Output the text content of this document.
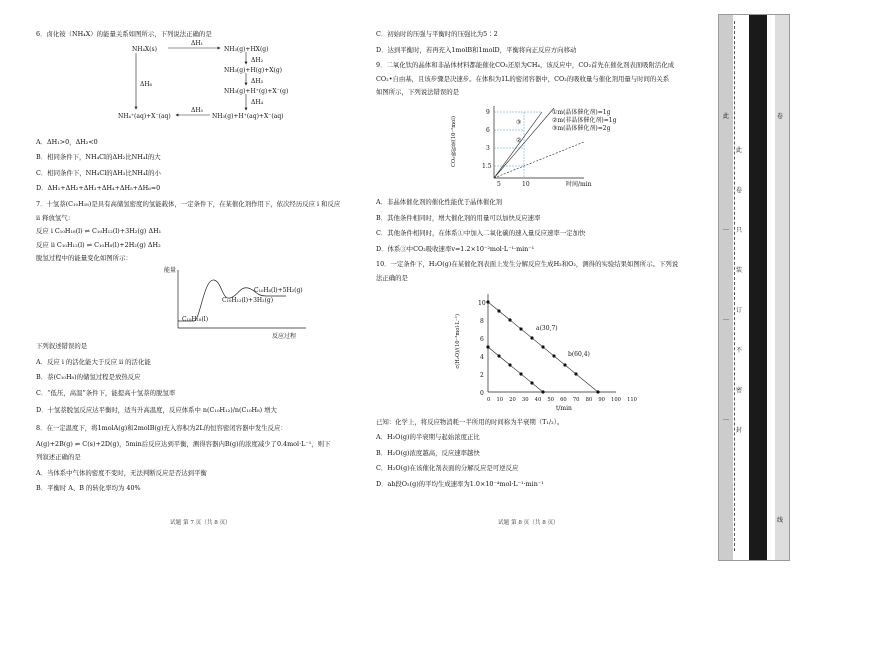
6．卤化铵（NH₄X）的能量关系如图所示，下列说法正确的是
NH₄X(s)
ΔH₁
NH₃(g)+HX(g)
ΔH₂
NH₃(g)+H(g)+X(g)
ΔH₃
NH₃(g)+H⁺(g)+X⁻(g)
ΔH₄
ΔH₆
ΔH₅
NH₄⁺(aq)+X⁻(aq)	NH₃(g)+H⁺(aq)+X⁻(aq)
A．ΔH₁>0，ΔH₂<0
B．相同条件下，NH₄Cl的ΔH₂比NH₄I的大
C．相同条件下，NH₄Cl的ΔH₃比NH₄I的小
D．ΔH₁+ΔH₂+ΔH₃+ΔH₄+ΔH₅+ΔH₆=0
7．十氢萘(C₁₀H₁₈)是具有高储氢密度的氢能载体，一定条件下，在某催化剂作用下，依次经历反应 i 和反应
ii 释放氢气：
反应 i C₁₀H₁₈(l) ⇌ C₁₀H₁₂(l)+3H₂(g) ΔH₁
反应 ii C₁₀H₁₂(l) ⇌ C₁₀H₈(l)+2H₂(g) ΔH₂
脱氢过程中的能量变化如图所示：
能量
C₁₀H₈(l)+5H₂(g)
C₁₀H₁₂(l)+3H₂(g)
C₁₀H₁₈(l)
反应过程
下列叙述错误的是
A．反应 i 的活化能大于反应 ii 的活化能
B．萘(C₁₀H₈)的储氢过程是放热反应
C．“低压，高温”条件下，能提高十氢萘的脱氢率
D．十氢萘脱氢反应达平衡时，适当升高温度，反应体系中 n(C₁₀H₁₂)/n(C₁₀H₈) 增大
8．在一定温度下，将1molA(g)和2molB(g)充入容积为2L的恒容密闭容器中发生反应：
A(g)+2B(g) ⇌ C(s)+2D(g)，5min后反应达到平衡，测得容器内B(g)的浓度减少了0.4mol·L⁻¹，则下
列叙述正确的是
A．当体系中气体的密度不变时，无法判断反应是否达到平衡
B．平衡时 A、B 的转化率均为 40%
试题 第 7 页（共 8 页）
C．初始时的压强与平衡时的压强比为5∶2
D．达到平衡时，若再充入1molB和1molD，平衡将向正反应方向移动
9．二氧化钛的晶体和非晶体材料都能催化CO₂还原为CH₄，该反应中，CO₂首先在催化剂表面吸附活化成
CO₂•自由基，且该步骤是决速步。在体积为1L的密闭容器中，CO₂的吸收量与催化剂用量与时间的关系
如图所示，下列说法错误的是
CO₂吸收量(10⁻²mol)
9
6
3
1.5
5	10	时间/min
③
②
①m(晶体催化剂)=1g
②m(非晶体催化剂)=1g
③m(晶体催化剂)=2g
A．非晶体催化剂的催化性能优于晶体催化剂
B．其他条件相同时，增大催化剂的用量可以加快反应速率
C．其他条件相同时，在体系①中加入二氧化碳的速入量反应速率一定加快
D．体系③中CO₂吸收速率v=1.2×10⁻²mol·L⁻¹·min⁻¹
10．一定条件下，H₂O(g)在某催化剂表面上发生分解反应生成H₂和O₂，测得的实验结果如图所示。下列说
法正确的是
c(H₂O)/(10⁻³mol·L⁻¹)
10
8
6
4
2
0
a(30,7)
b(60,4)
0 10 20 30 40 50 60 70 80 90 100 110
t/min
已知：化学上，将反应物消耗一半所用的时间称为半衰期（T₁/₂）。
A．H₂O(g)的半衰期与起始浓度正比
B．H₂O(g)浓度越高，反应速率越快
C．H₂O(g)在该催化剂表面的分解反应是可逆反应
D．ab段O₂(g)的平均生成速率为1.0×10⁻⁴mol·L⁻¹·min⁻¹
试题 第 8 页（共 8 页）
此	卷
…
…
…
此
卷
只
装
订
不
密
封
线
